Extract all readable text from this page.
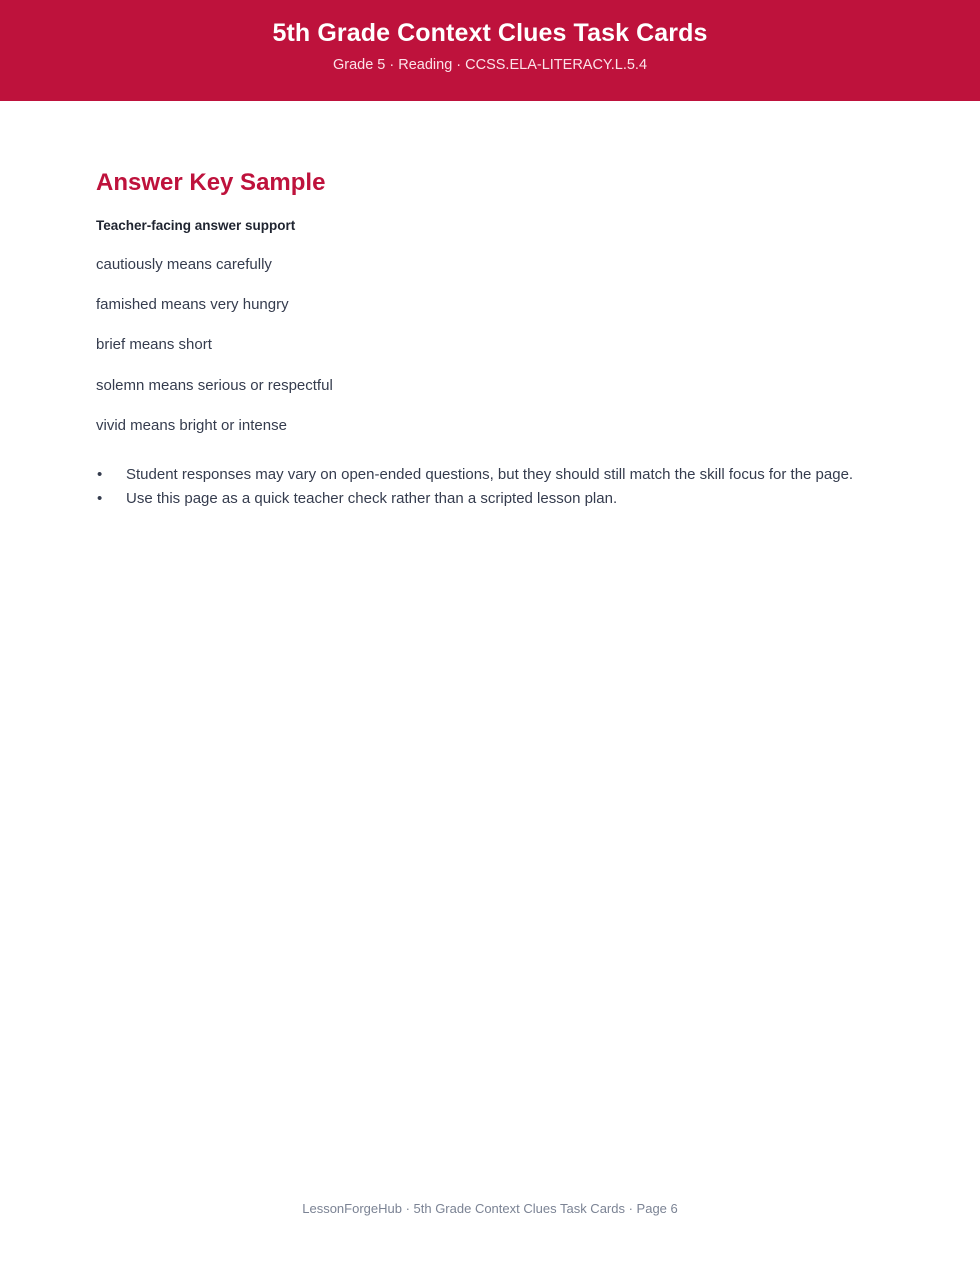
5th Grade Context Clues Task Cards
Grade 5 · Reading · CCSS.ELA-LITERACY.L.5.4
Answer Key Sample
Teacher-facing answer support
cautiously means carefully
famished means very hungry
brief means short
solemn means serious or respectful
vivid means bright or intense
• Student responses may vary on open-ended questions, but they should still match the skill focus for the page.
• Use this page as a quick teacher check rather than a scripted lesson plan.
LessonForgeHub · 5th Grade Context Clues Task Cards · Page 6
